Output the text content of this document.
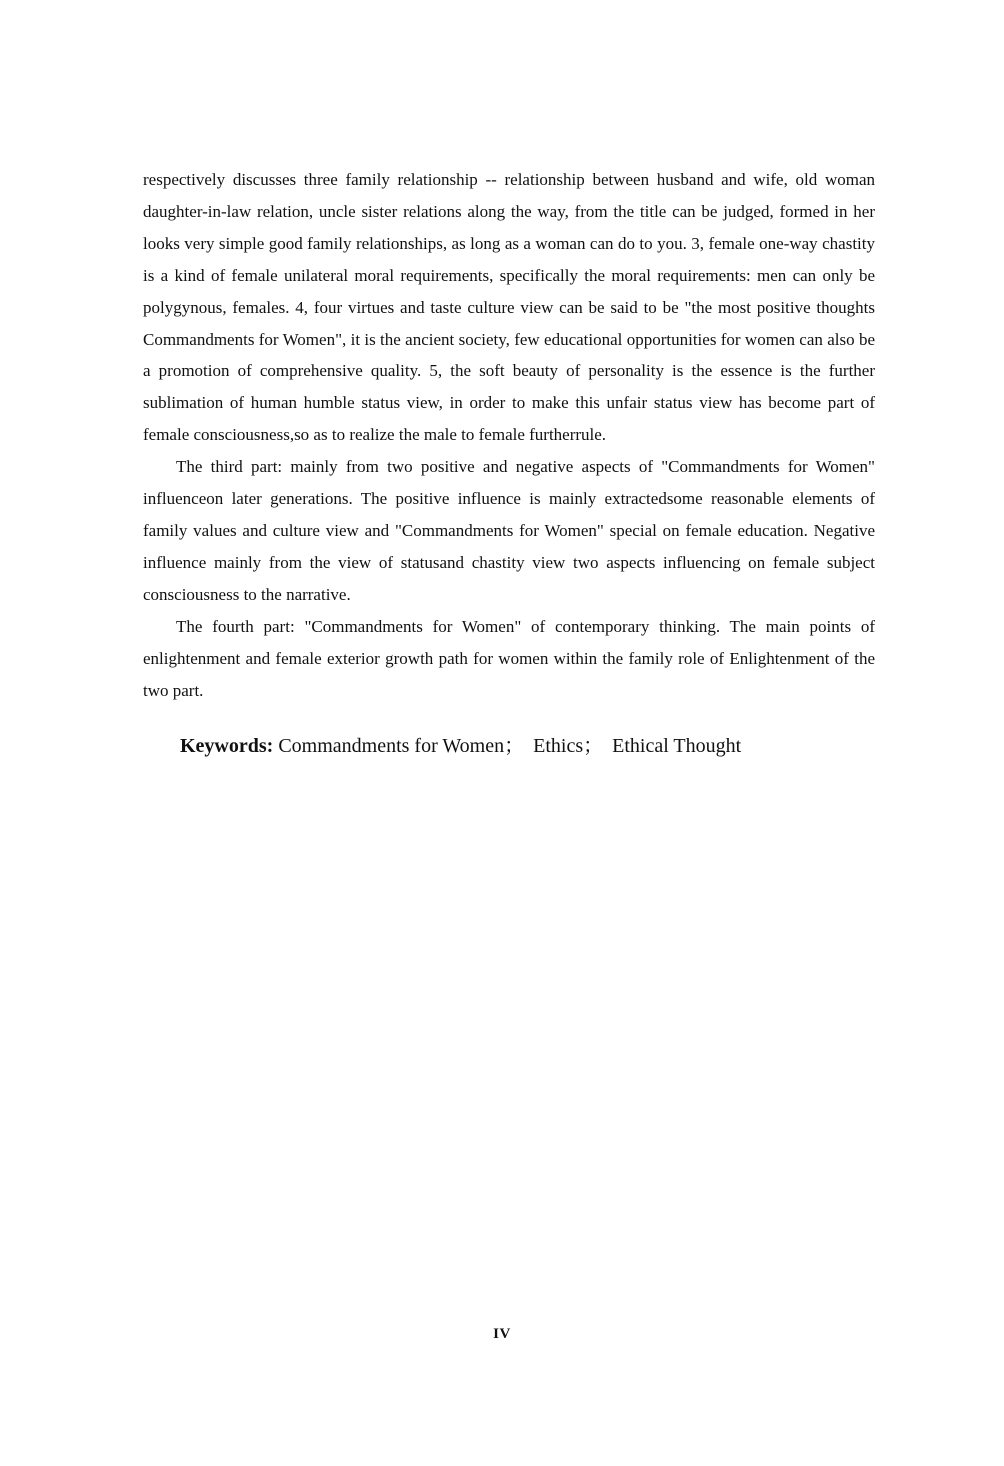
respectively discusses three family relationship -- relationship between husband and wife, old woman daughter-in-law relation, uncle sister relations along the way, from the title can be judged, formed in her looks very simple good family relationships, as long as a woman can do to you. 3, female one-way chastity is a kind of female unilateral moral requirements, specifically the moral requirements: men can only be polygynous, females. 4, four virtues and taste culture view can be said to be "the most positive thoughts Commandments for Women", it is the ancient society, few educational opportunities for women can also be a promotion of comprehensive quality. 5, the soft beauty of personality is the essence is the further sublimation of human humble status view, in order to make this unfair status view has become part of female consciousness,so as to realize the male to female furtherrule.

The third part: mainly from two positive and negative aspects of "Commandments for Women" influenceon later generations. The positive influence is mainly extractedsome reasonable elements of family values and culture view and "Commandments for Women" special on female education. Negative influence mainly from the view of statusand chastity view two aspects influencing on female subject consciousness to the narrative.

The fourth part: "Commandments for Women" of contemporary thinking. The main points of enlightenment and female exterior growth path for women within the family role of Enlightenment of the two part.

Keywords: Commandments for Women； Ethics； Ethical Thought
IV
